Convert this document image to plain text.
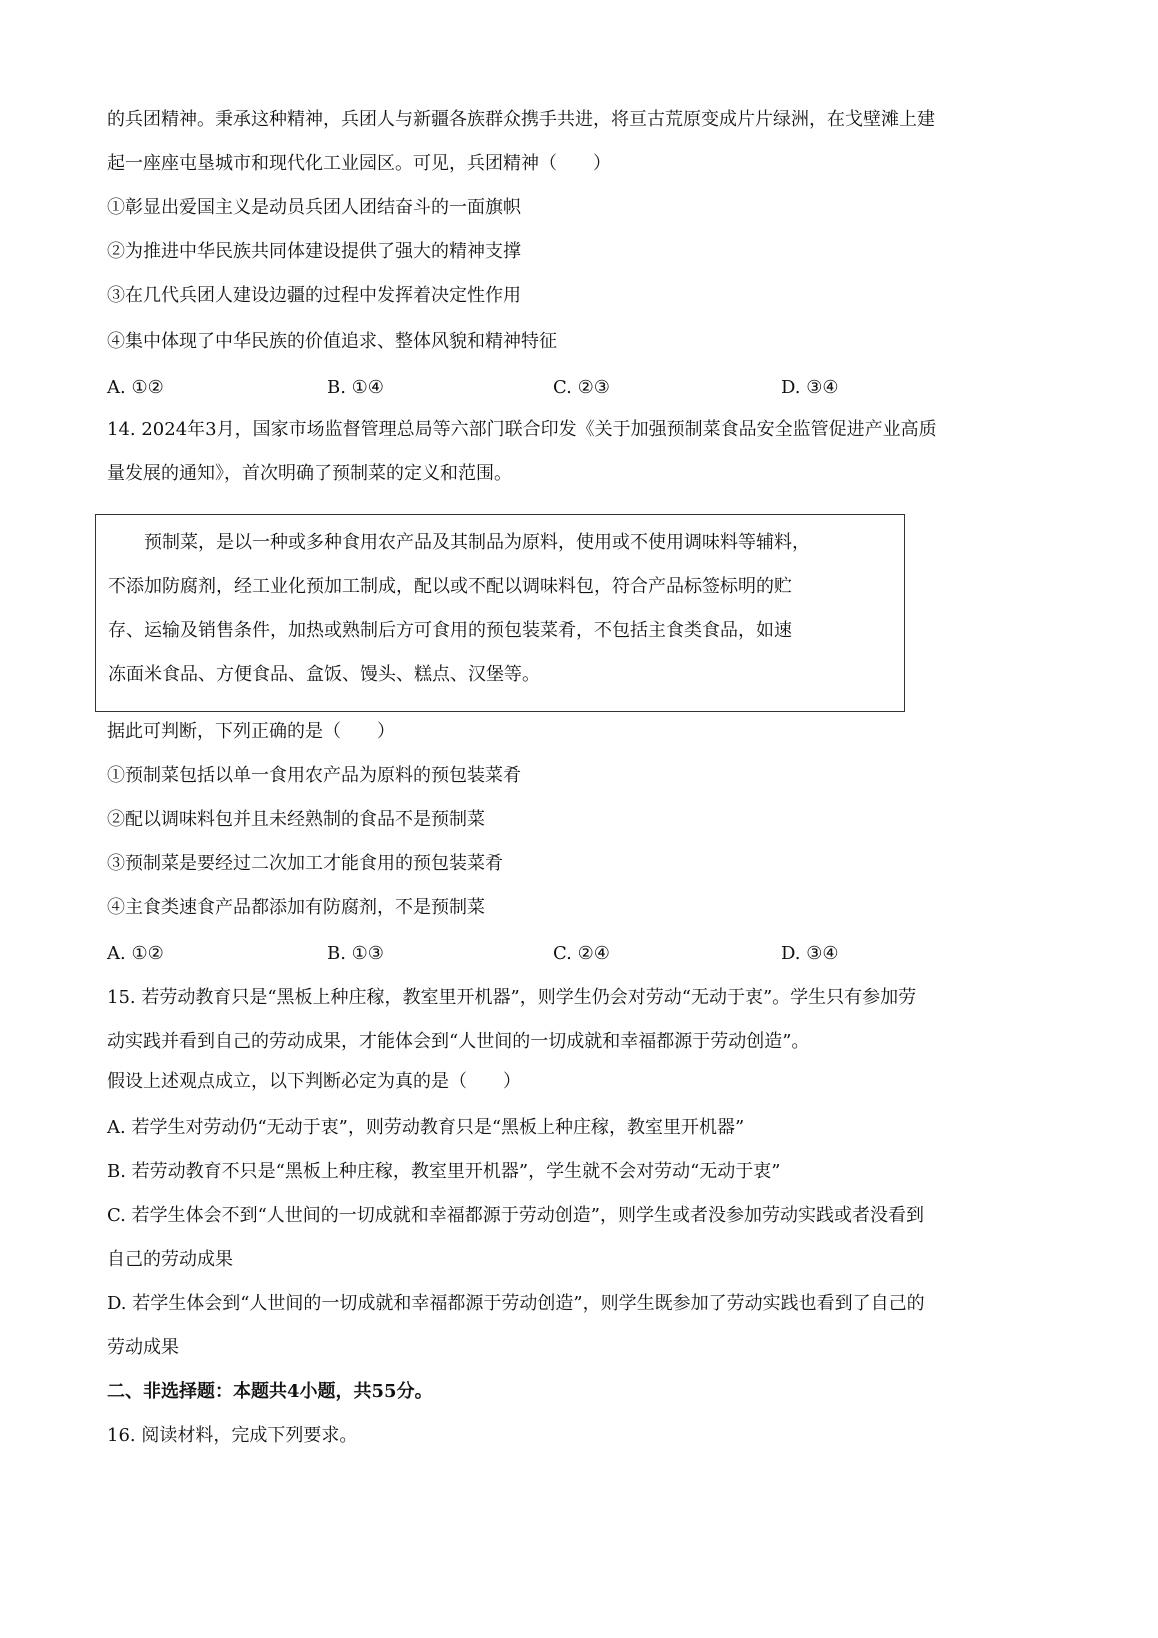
的兵团精神。秉承这种精神，兵团人与新疆各族群众携手共进，将亘古荒原变成片片绿洲，在戈壁滩上建
起一座座屯垦城市和现代化工业园区。可见，兵团精神（　　）
①彰显出爱国主义是动员兵团人团结奋斗的一面旗帜
②为推进中华民族共同体建设提供了强大的精神支撑
③在几代兵团人建设边疆的过程中发挥着决定性作用
④集中体现了中华民族的价值追求、整体风貌和精神特征
A. ①②	B. ①④	C. ②③	D. ③④
14. 2024年3月，国家市场监督管理总局等六部门联合印发《关于加强预制菜食品安全监管促进产业高质
量发展的通知》，首次明确了预制菜的定义和范围。
　　预制菜，是以一种或多种食用农产品及其制品为原料，使用或不使用调味料等辅料，
不添加防腐剂，经工业化预加工制成，配以或不配以调味料包，符合产品标签标明的贮
存、运输及销售条件，加热或熟制后方可食用的预包装菜肴，不包括主食类食品，如速
冻面米食品、方便食品、盒饭、馒头、糕点、汉堡等。
据此可判断，下列正确的是（　　）
①预制菜包括以单一食用农产品为原料的预包装菜肴
②配以调味料包并且未经熟制的食品不是预制菜
③预制菜是要经过二次加工才能食用的预包装菜肴
④主食类速食产品都添加有防腐剂，不是预制菜
A. ①②	B. ①③	C. ②④	D. ③④
15. 若劳动教育只是“黑板上种庄稼，教室里开机器”，则学生仍会对劳动“无动于衷”。学生只有参加劳
动实践并看到自己的劳动成果，才能体会到“人世间的一切成就和幸福都源于劳动创造”。
假设上述观点成立，以下判断必定为真的是（　　）
A. 若学生对劳动仍“无动于衷”，则劳动教育只是“黑板上种庄稼，教室里开机器”
B. 若劳动教育不只是“黑板上种庄稼，教室里开机器”，学生就不会对劳动“无动于衷”
C. 若学生体会不到“人世间的一切成就和幸福都源于劳动创造”，则学生或者没参加劳动实践或者没看到
自己的劳动成果
D. 若学生体会到“人世间的一切成就和幸福都源于劳动创造”，则学生既参加了劳动实践也看到了自己的
劳动成果
二、非选择题：本题共4小题，共55分。
16. 阅读材料，完成下列要求。
